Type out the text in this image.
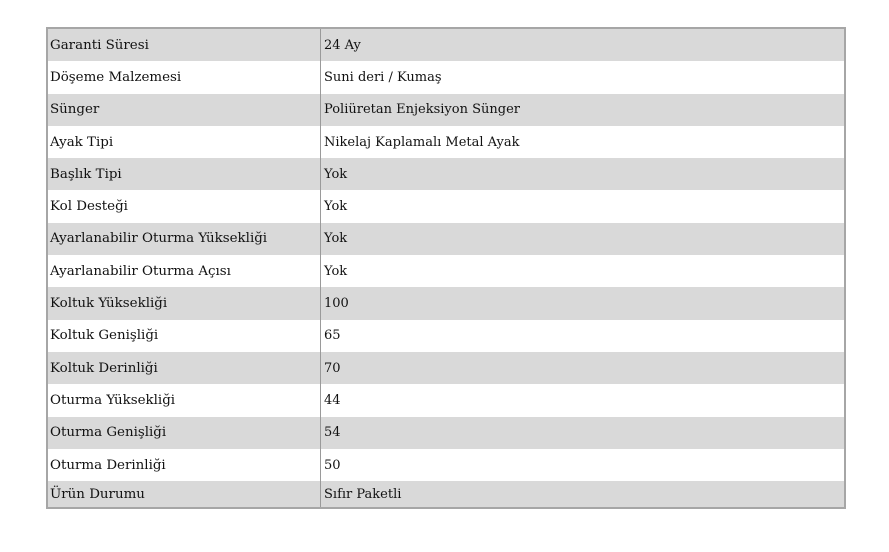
Garanti Süresi	24 Ay
Döşeme Malzemesi	Suni deri / Kumaş
Sünger	Poliüretan Enjeksiyon Sünger
Ayak Tipi	Nikelaj Kaplamalı Metal Ayak
Başlık Tipi	Yok
Kol Desteği	Yok
Ayarlanabilir Oturma Yüksekliği	Yok
Ayarlanabilir Oturma Açısı	Yok
Koltuk Yüksekliği	100
Koltuk Genişliği	65
Koltuk Derinliği	70
Oturma Yüksekliği	44
Oturma Genişliği	54
Oturma Derinliği	50
Ürün Durumu	Sıfır Paketli
